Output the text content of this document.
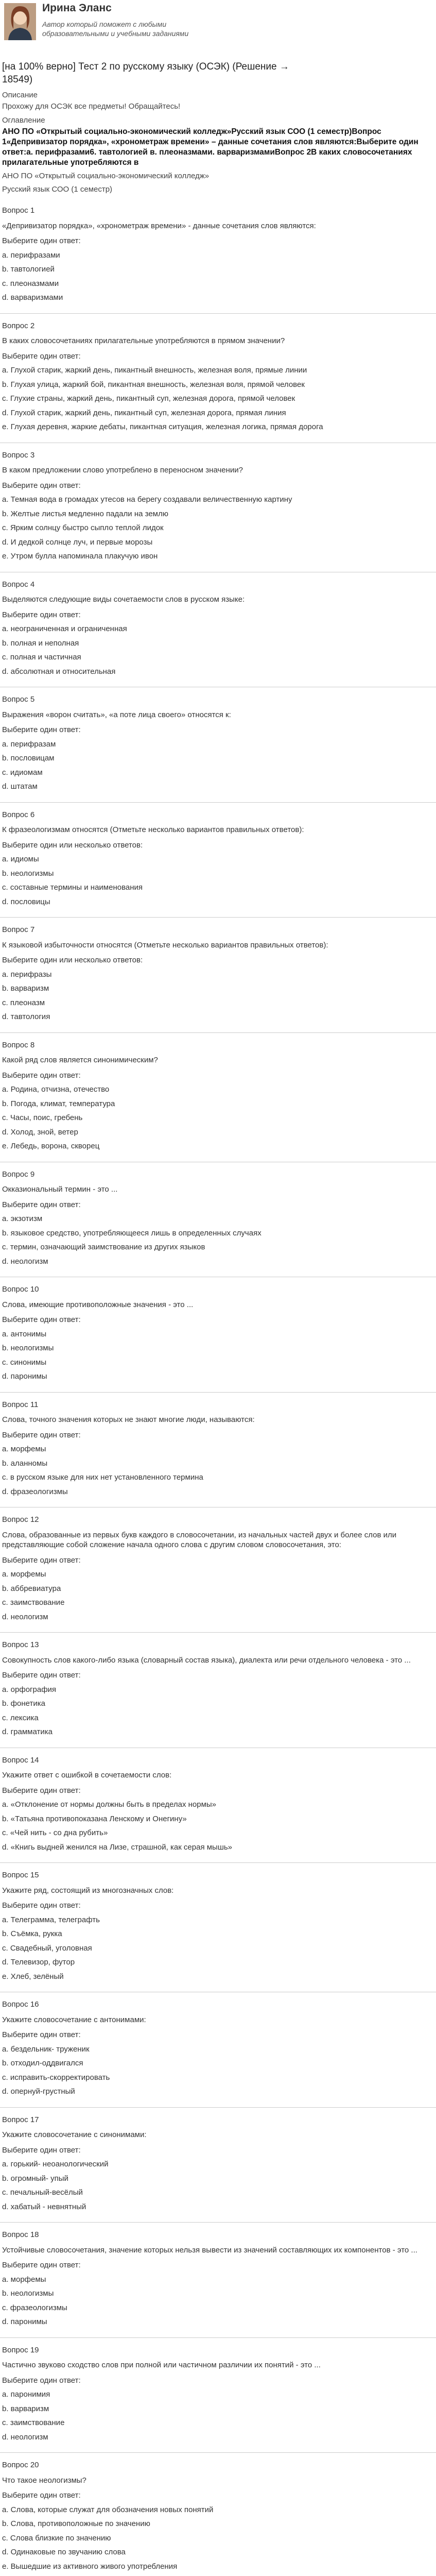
Ирина Эланс
Автор который поможет с любыми образовательными и учебными заданиями
[на 100% верно] Тест 2 по русскому языку (ОСЭК) (Решение → 18549)
Описание
Прохожу для ОСЭК все предметы! Обращайтесь!
Оглавление
АНО ПО «Открытый социально-экономический колледж»Русский язык СОО (1 семестр)Вопрос 1«Депривизатор порядка», «хронометраж времени» – данные сочетания слов являются:Выберите один ответ:а. перифразами6. тавтологией в. плеоназмами. варваризмамиВопрос 2В каких словосочетаниях прилагательные употребляются в
АНО ПО «Открытый социально-экономический колледж»
Русский язык СОО (1 семестр)
Вопрос 1
«Депривизатор порядка», «хронометраж времени» - данные сочетания слов являются:
Выберите один ответ:
а. перифразами
b. тавтологией
c. плеоназмами
d. варваризмами
Вопрос 2
В каких словосочетаниях прилагательные употребляются в прямом значении?
Выберите один ответ:
а. Глухой старик, жаркий день, пикантный внешность, железная воля, прямые линии
b. Глухая улица, жаркий бой, пикантная внешность, железная воля, прямой человек
c. Глухие страны, жаркий день, пикантный суп, железная дорога, прямой человек
d. Глухой старик, жаркий день, пикантный суп, железная дорога, прямая линия
e. Глухая деревня, жаркие дебаты, пикантная ситуация, железная логика, прямая дорога
Вопрос 3
В каком предложении слово употреблено в переносном значении?
Выберите один ответ:
а. Темная вода в громадах утесов на берегу создавали величественную картину
b. Желтые листья медленно падали на землю
c. Ярким солнцу быстро сыпло теплой лидок
d. И дедкой солнце луч, и первые морозы
e. Утром булла напоминала плакучую ивон
Вопрос 4
Выделяются следующие виды сочетаемости слов в русском языке:
Выберите один ответ:
а. неограниченная и ограниченная
b. полная и неполная
c. полная и частичная
d. абсолютная и относительная
Вопрос 5
Выражения «ворон считать», «а поте лица своего» относятся к:
Выберите один ответ:
а. перифразам
b. пословицам
c. идиомам
d. штатам
Вопрос 6
К фразеологизмам относятся (Отметьте несколько вариантов правильных ответов):
Выберите один или несколько ответов:
а. идиомы
b. неологизмы
c. составные термины и наименования
d. пословицы
Вопрос 7
К языковой избыточности относятся (Отметьте несколько вариантов правильных ответов):
Выберите один или несколько ответов:
а. перифразы
b. варваризм
c. плеоназм
d. тавтология
Вопрос 8
Какой ряд слов является синонимическим?
Выберите один ответ:
а. Родина, отчизна, отечество
b. Погода, климат, температура
c. Часы, поис, гребень
d. Холод, зной, ветер
e. Лебедь, ворона, скворец
Вопрос 9
Окказиональный термин - это ...
Выберите один ответ:
а. экзотизм
b. языковое средство, употребляющееся лишь в определенных случаях
c. термин, означающий заимствование из других языков
d. неологизм
Вопрос 10
Слова, имеющие противоположные значения - это ...
Выберите один ответ:
а. антонимы
b. неологизмы
c. синонимы
d. паронимы
Вопрос 11
Слова, точного значения которых не знают многие люди, называются:
Выберите один ответ:
а. морфемы
b. аланномы
c. в русском языке для них нет установленного термина
d. фразеологизмы
Вопрос 12
Слова, образованные из первых букв каждого в словосочетании, из начальных частей двух и более слов или представляющие собой сложение начала одного слова с другим словом словосочетания, это:
Выберите один ответ:
а. морфемы
b. аббревиатура
c. заимствование
d. неологизм
Вопрос 13
Совокупность слов какого-либо языка (словарный состав языка), диалекта или речи отдельного человека - это ...
Выберите один ответ:
а. орфография
b. фонетика
c. лексика
d. грамматика
Вопрос 14
Укажите ответ с ошибкой в сочетаемости слов:
Выберите один ответ:
а. «Отклонение от нормы должны быть в пределах нормы»
b. «Татьяна противопоказана Ленскому и Онегину»
c. «Чей нить - со дна рубить»
d. «Книгь выдней женился на Лизе, страшной, как серая мышь»
Вопрос 15
Укажите ряд, состоящий из многозначных слов:
Выберите один ответ:
а. Телеграмма, телеграфть
b. Съёмка, рукка
c. Свадебный, уголовная
d. Телевизор, футор
e. Хлеб, зелёный
Вопрос 16
Укажите словосочетание с антонимами:
Выберите один ответ:
а. бездельник- труженик
b. отходил-оддвигался
c. исправить-скорректировать
d. опернуй-грустный
Вопрос 17
Укажите словосочетание с синонимами:
Выберите один ответ:
а. горький- неоанологический
b. огромный- упый
c. печальный-весёлый
d. хабатый - невнятный
Вопрос 18
Устойчивые словосочетания, значение которых нельзя вывести из значений составляющих их компонентов - это ...
Выберите один ответ:
а. морфемы
b. неологизмы
c. фразеологизмы
d. паронимы
Вопрос 19
Частично звуково сходство слов при полной или частичном различии их понятий - это ...
Выберите один ответ:
а. паронимия
b. варваризм
c. заимствование
d. неологизм
Вопрос 20
Что такое неологизмы?
Выберите один ответ:
а. Слова, которые служат для обозначения новых понятий
b. Слова, противоположные по значению
c. Слова близкие по значению
d. Одинаковые по звучанию слова
e. Вышедшие из активного живого употребления
